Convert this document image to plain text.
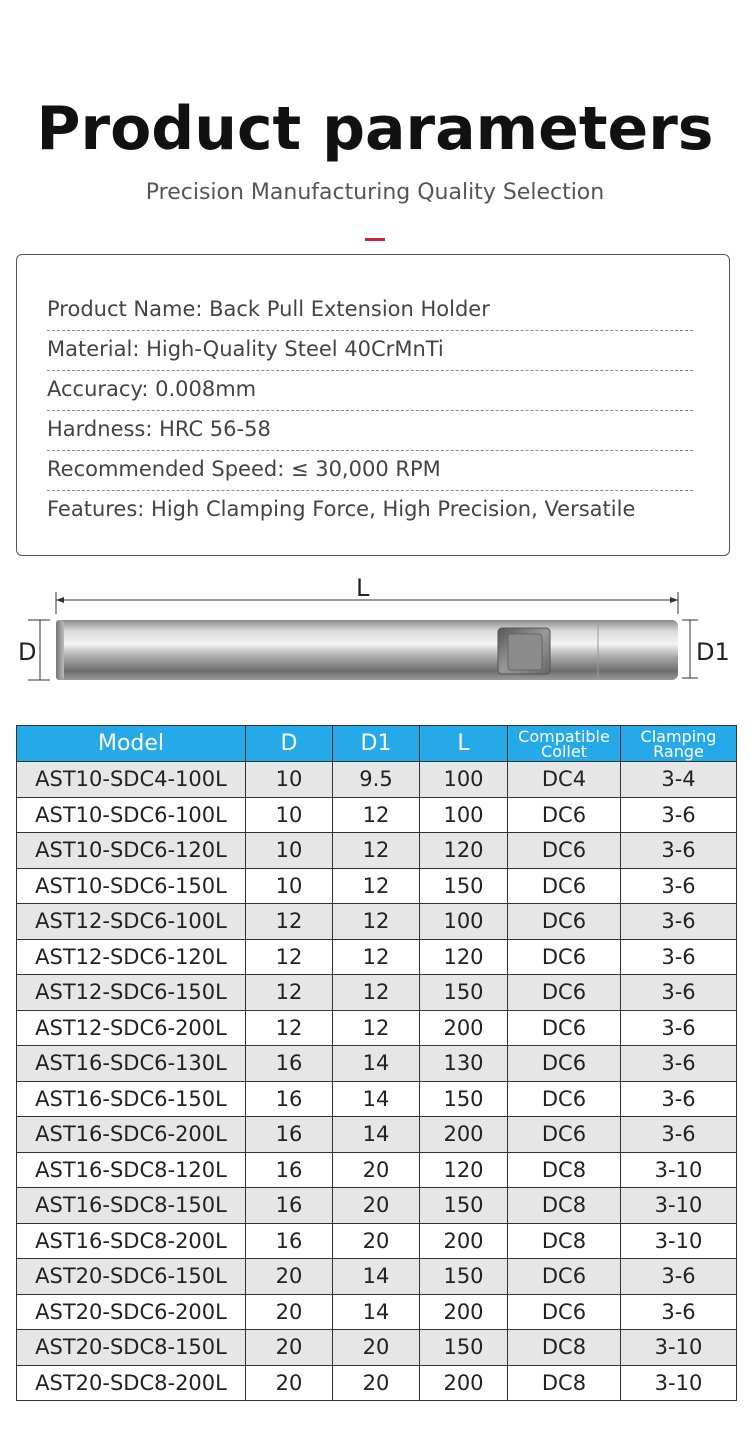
Product parameters
Precision Manufacturing Quality Selection
Product Name: Back Pull Extension Holder
Material: High-Quality Steel 40CrMnTi
Accuracy: 0.008mm
Hardness: HRC 56-58
Recommended Speed: ≤ 30,000 RPM
Features: High Clamping Force, High Precision, Versatile
L
D	D1
Model	D	D1	L	Compatible Collet	Clamping Range
AST10-SDC4-100L	10	9.5	100	DC4	3-4
AST10-SDC6-100L	10	12	100	DC6	3-6
AST10-SDC6-120L	10	12	120	DC6	3-6
AST10-SDC6-150L	10	12	150	DC6	3-6
AST12-SDC6-100L	12	12	100	DC6	3-6
AST12-SDC6-120L	12	12	120	DC6	3-6
AST12-SDC6-150L	12	12	150	DC6	3-6
AST12-SDC6-200L	12	12	200	DC6	3-6
AST16-SDC6-130L	16	14	130	DC6	3-6
AST16-SDC6-150L	16	14	150	DC6	3-6
AST16-SDC6-200L	16	14	200	DC6	3-6
AST16-SDC8-120L	16	20	120	DC8	3-10
AST16-SDC8-150L	16	20	150	DC8	3-10
AST16-SDC8-200L	16	20	200	DC8	3-10
AST20-SDC6-150L	20	14	150	DC6	3-6
AST20-SDC6-200L	20	14	200	DC6	3-6
AST20-SDC8-150L	20	20	150	DC8	3-10
AST20-SDC8-200L	20	20	200	DC8	3-10
